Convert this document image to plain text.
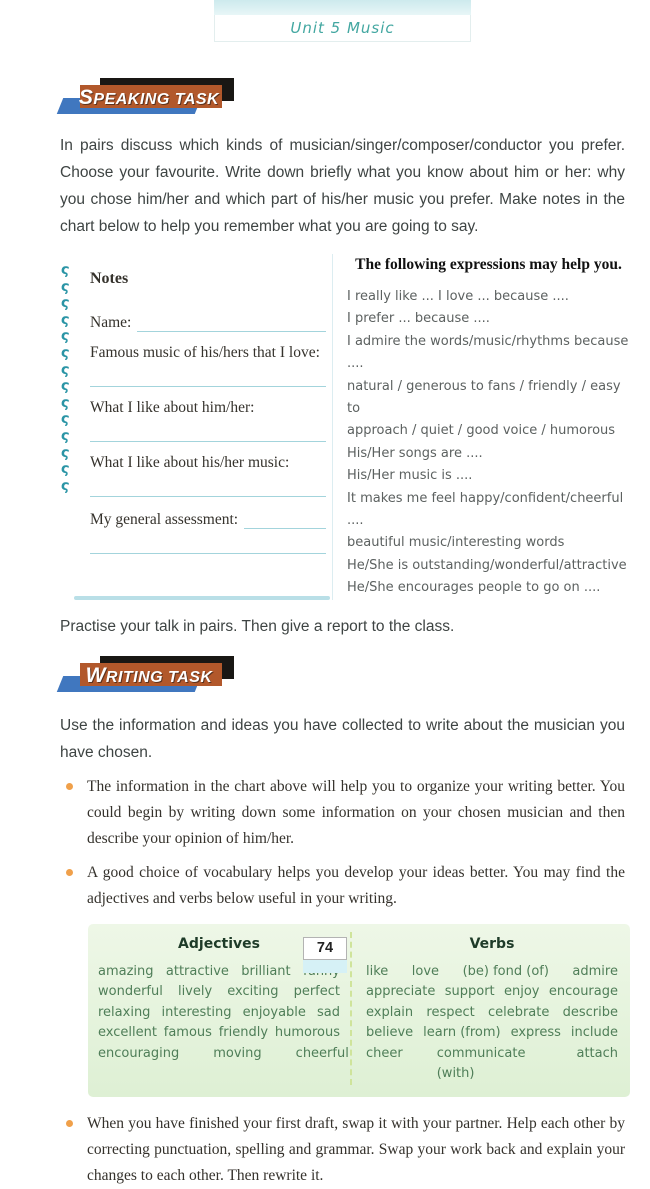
Unit 5 Music
SPEAKING TASK

In pairs discuss which kinds of musician/singer/composer/conductor you prefer. Choose your favourite. Write down briefly what you know about him or her: why you chose him/her and which part of his/her music you prefer. Make notes in the chart below to help you remember what you are going to say.

ς
ς
ς
ς
ς
ς
ς
ς
ς
ς
ς
ς
ς
ς
Notes
Name:
Famous music of his/hers that I love:
What I like about him/her:
What I like about his/her music:
My general assessment:
The following expressions may help you.
I really like ... I love ... because ....
I prefer ... because ....
I admire the words/music/rhythms because ....
natural / generous to fans / friendly / easy to
approach / quiet / good voice / humorous
His/Her songs are ....
His/Her music is ....
It makes me feel happy/confident/cheerful ....
beautiful music/interesting words
He/She is outstanding/wonderful/attractive
He/She encourages people to go on ....

Practise your talk in pairs. Then give a report to the class.

WRITING TASK

Use the information and ideas you have collected to write about the musician you have chosen.

The information in the chart above will help you to organize your writing better. You could begin by writing down some information on your chosen musician and then describe your opinion of him/her.
A good choice of vocabulary helps you develop your ideas better. You may find the adjectives and verbs below useful in your writing.
Adjectives
amazing attractive brilliant
wonderful lively exciting perfect
relaxing interesting enjoyable sad
excellent famous friendly humorous
encouraging	moving	cheerful
Verbs
like love (be) fond (of) admire
appreciate support enjoy encourage
explain respect celebrate describe
believe learn (from) express include
cheer	communicate (with)
attach
When you have finished your first draft, swap it with your partner. Help each other by correcting punctuation, spelling and grammar. Swap your work back and explain your changes to each other. Then rewrite it.
74
